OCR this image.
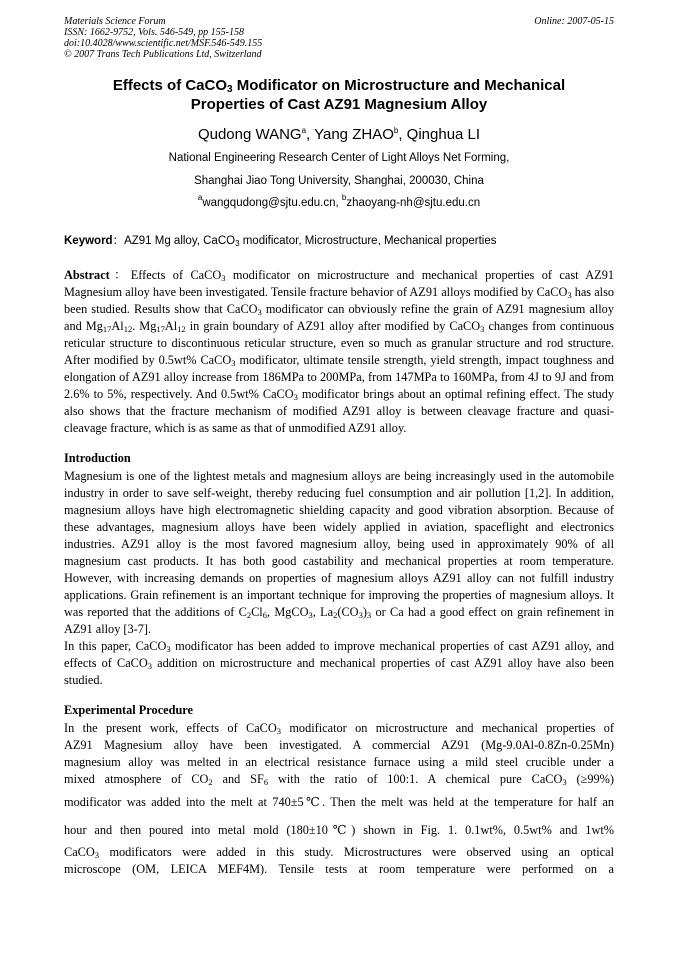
Materials Science Forum
ISSN: 1662-9752, Vols. 546-549, pp 155-158
doi:10.4028/www.scientific.net/MSF.546-549.155
© 2007 Trans Tech Publications Ltd, Switzerland
Online: 2007-05-15
Effects of CaCO$_3$ Modificator on Microstructure and Mechanical
Properties of Cast AZ91 Magnesium Alloy
Qudong WANG$^a$, Yang ZHAO$^b$, Qinghua LI
National Engineering Research Center of Light Alloys Net Forming,
Shanghai Jiao Tong University, Shanghai, 200030, China
$^a$wangqudong@sjtu.edu.cn, $^b$zhaoyang-nh@sjtu.edu.cn
Keyword：AZ91 Mg alloy, CaCO$_3$ modificator, Microstructure, Mechanical properties

Abstract：Effects of CaCO$_3$ modificator on microstructure and mechanical properties of cast AZ91 Magnesium alloy have been investigated. Tensile fracture behavior of AZ91 alloys modified by CaCO$_3$ has also been studied. Results show that CaCO$_3$ modificator can obviously refine the grain of AZ91 magnesium alloy and $Mg_{17}Al_{12}$. $Mg_{17}Al_{12}$ in grain boundary of AZ91 alloy after modified by CaCO$_3$ changes from continuous reticular structure to discontinuous reticular structure, even so much as granular structure and rod structure. After modified by 0.5wt% CaCO$_3$ modificator, ultimate tensile strength, yield strength, impact toughness and elongation of AZ91 alloy increase from 186MPa to 200MPa, from 147MPa to 160MPa, from 4J to 9J and from 2.6% to 5%, respectively. And 0.5wt% CaCO$_3$ modificator brings about an optimal refining effect. The study also shows that the fracture mechanism of modified AZ91 alloy is between cleavage fracture and quasi-cleavage fracture, which is as same as that of unmodified AZ91 alloy.

Introduction

Magnesium is one of the lightest metals and magnesium alloys are being increasingly used in the automobile industry in order to save self-weight, thereby reducing fuel consumption and air pollution [1,2]. In addition, magnesium alloys have high electromagnetic shielding capacity and good vibration absorption. Because of these advantages, magnesium alloys have been widely applied in aviation, spaceflight and electronics industries. AZ91 alloy is the most favored magnesium alloy, being used in approximately 90% of all magnesium cast products. It has both good castability and mechanical properties at room temperature. However, with increasing demands on properties of magnesium alloys AZ91 alloy can not fulfill industry applications. Grain refinement is an important technique for improving the properties of magnesium alloys. It was reported that the additions of $C_2Cl_6$, MgCO$_3$, $La_2(CO_3)_3$ or Ca had a good effect on grain refinement in AZ91 alloy [3-7].

In this paper, CaCO$_3$ modificator has been added to improve mechanical properties of cast AZ91 alloy, and effects of CaCO$_3$ addition on microstructure and mechanical properties of cast AZ91 alloy have also been studied.

Experimental Procedure
In the present work, effects of CaCO$_3$ modificator on microstructure and mechanical properties of
AZ91 Magnesium alloy have been investigated. A commercial AZ91 (Mg-9.0Al-0.8Zn-0.25Mn)
magnesium alloy was melted in an electrical resistance furnace using a mild steel crucible under a
mixed atmosphere of $CO_2$ and $SF_6$ with the ratio of 100:1. A chemical pure CaCO$_3$ (≥99%)
modificator was added into the melt at 740±5℃. Then the melt was held at the temperature for half an
hour and then poured into metal mold (180±10℃) shown in Fig. 1. 0.1wt%, 0.5wt% and 1wt%
CaCO$_3$ modificators were added in this study. Microstructures were observed using an optical
microscope (OM, LEICA MEF4M). Tensile tests at room temperature were performed on a
